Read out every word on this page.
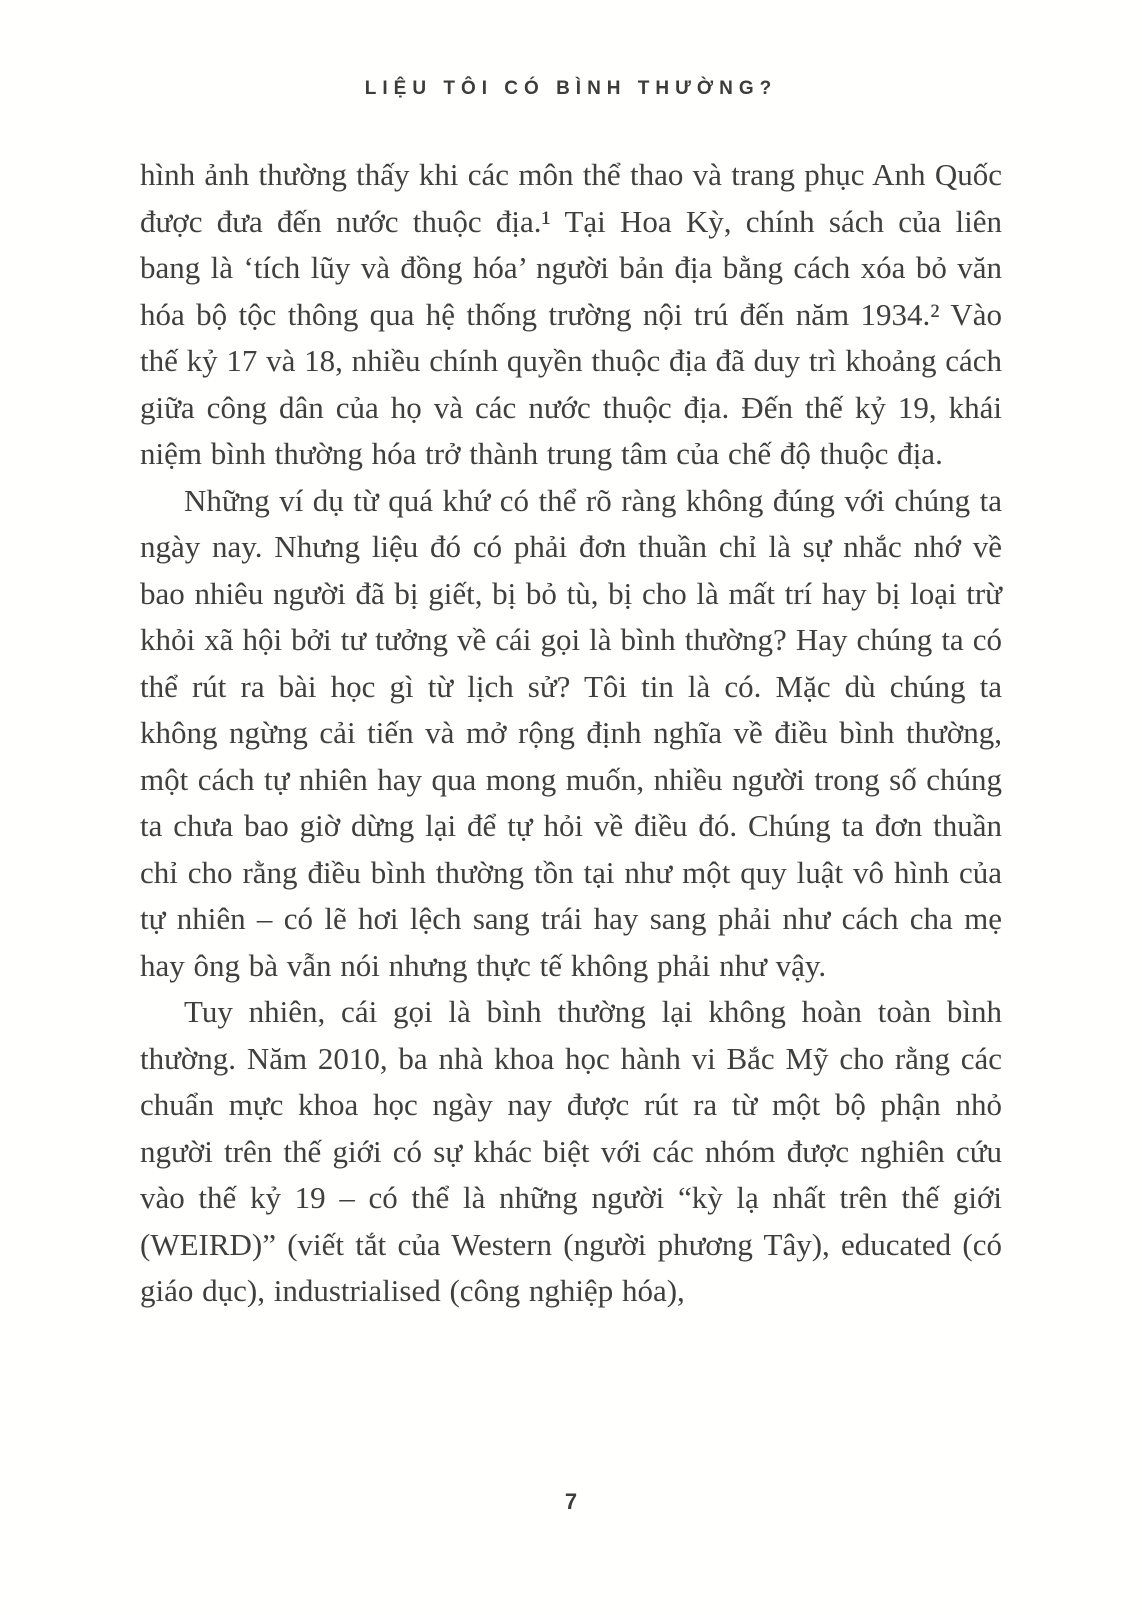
LIỆU TÔI CÓ BÌNH THƯỜNG?

hình ảnh thường thấy khi các môn thể thao và trang phục Anh Quốc được đưa đến nước thuộc địa.¹ Tại Hoa Kỳ, chính sách của liên bang là ‘tích lũy và đồng hóa’ người bản địa bằng cách xóa bỏ văn hóa bộ tộc thông qua hệ thống trường nội trú đến năm 1934.² Vào thế kỷ 17 và 18, nhiều chính quyền thuộc địa đã duy trì khoảng cách giữa công dân của họ và các nước thuộc địa. Đến thế kỷ 19, khái niệm bình thường hóa trở thành trung tâm của chế độ thuộc địa.

Những ví dụ từ quá khứ có thể rõ ràng không đúng với chúng ta ngày nay. Nhưng liệu đó có phải đơn thuần chỉ là sự nhắc nhớ về bao nhiêu người đã bị giết, bị bỏ tù, bị cho là mất trí hay bị loại trừ khỏi xã hội bởi tư tưởng về cái gọi là bình thường? Hay chúng ta có thể rút ra bài học gì từ lịch sử? Tôi tin là có. Mặc dù chúng ta không ngừng cải tiến và mở rộng định nghĩa về điều bình thường, một cách tự nhiên hay qua mong muốn, nhiều người trong số chúng ta chưa bao giờ dừng lại để tự hỏi về điều đó. Chúng ta đơn thuần chỉ cho rằng điều bình thường tồn tại như một quy luật vô hình của tự nhiên – có lẽ hơi lệch sang trái hay sang phải như cách cha mẹ hay ông bà vẫn nói nhưng thực tế không phải như vậy.

Tuy nhiên, cái gọi là bình thường lại không hoàn toàn bình thường. Năm 2010, ba nhà khoa học hành vi Bắc Mỹ cho rằng các chuẩn mực khoa học ngày nay được rút ra từ một bộ phận nhỏ người trên thế giới có sự khác biệt với các nhóm được nghiên cứu vào thế kỷ 19 – có thể là những người “kỳ lạ nhất trên thế giới (WEIRD)” (viết tắt của Western (người phương Tây), educated (có giáo dục), industrialised (công nghiệp hóa),

7
